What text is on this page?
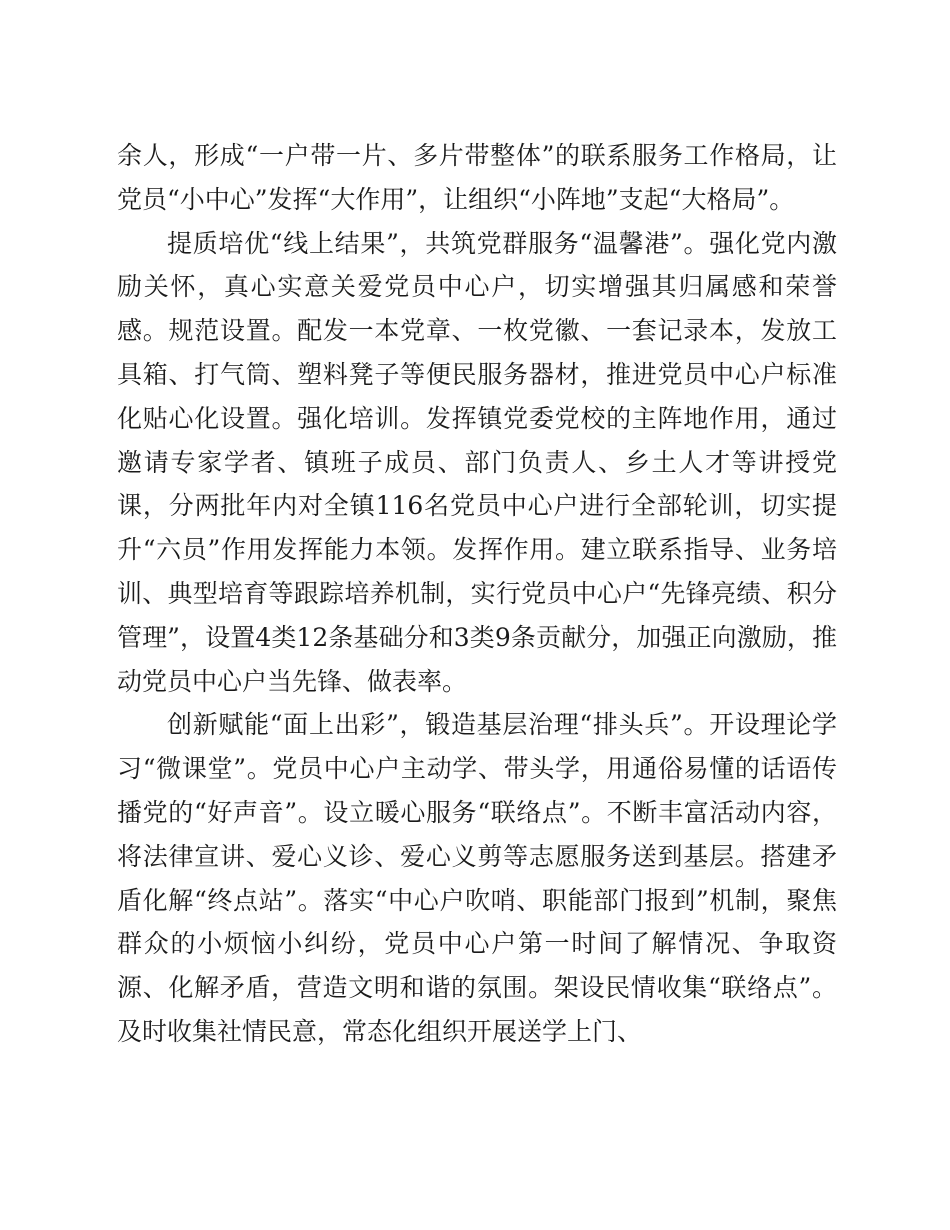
余人，形成“一户带一片、多片带整体”的联系服务工作格局，让党员“小中心”发挥“大作用”，让组织“小阵地”支起“大格局”。

提质培优“线上结果”，共筑党群服务“温馨港”。强化党内激励关怀，真心实意关爱党员中心户，切实增强其归属感和荣誉感。规范设置。配发一本党章、一枚党徽、一套记录本，发放工具箱、打气筒、塑料凳子等便民服务器材，推进党员中心户标准化贴心化设置。强化培训。发挥镇党委党校的主阵地作用，通过邀请专家学者、镇班子成员、部门负责人、乡土人才等讲授党课，分两批年内对全镇116名党员中心户进行全部轮训，切实提升“六员”作用发挥能力本领。发挥作用。建立联系指导、业务培训、典型培育等跟踪培养机制，实行党员中心户“先锋亮绩、积分管理”，设置4类12条基础分和3类9条贡献分，加强正向激励，推动党员中心户当先锋、做表率。

创新赋能“面上出彩”，锻造基层治理“排头兵”。开设理论学习“微课堂”。党员中心户主动学、带头学，用通俗易懂的话语传播党的“好声音”。设立暖心服务“联络点”。不断丰富活动内容，将法律宣讲、爱心义诊、爱心义剪等志愿服务送到基层。搭建矛盾化解“终点站”。落实“中心户吹哨、职能部门报到”机制，聚焦群众的小烦恼小纠纷，党员中心户第一时间了解情况、争取资源、化解矛盾，营造文明和谐的氛围。架设民情收集“联络点”。及时收集社情民意，常态化组织开展送学上门、
